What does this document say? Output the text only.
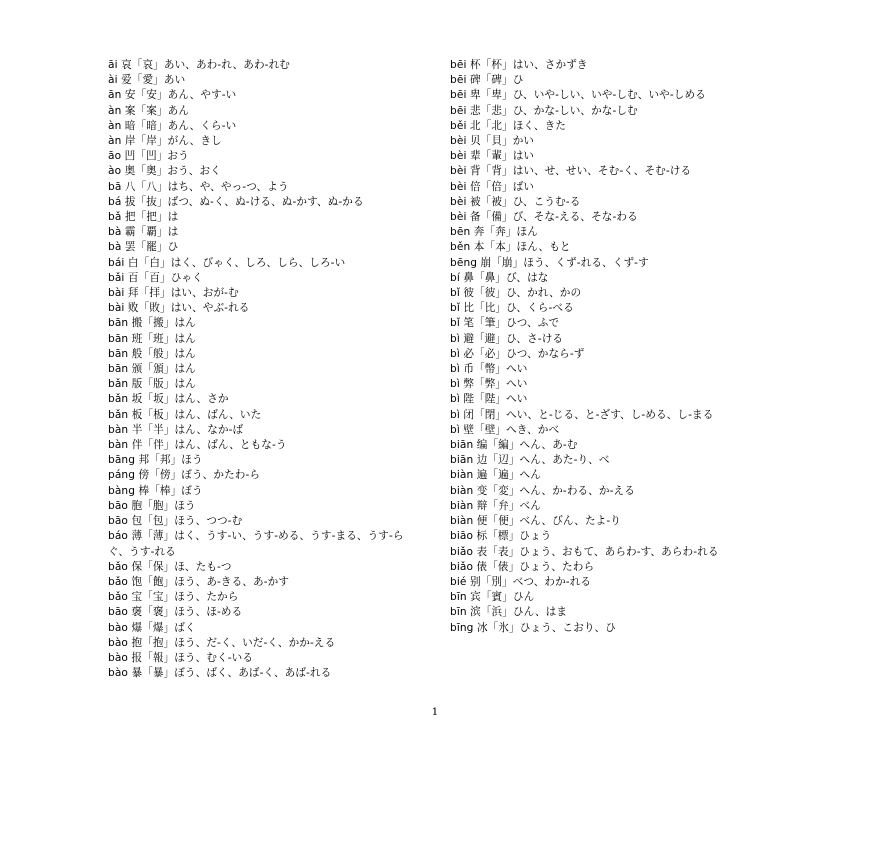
āi 哀「哀」あい、あわ-れ、あわ-れむ
ài 爱「愛」あい
ān 安「安」あん、やす-い
àn 案「案」あん
àn 暗「暗」あん、くら-い
àn 岸「岸」がん、きし
āo 凹「凹」おう
ào 奥「奥」おう、おく
bā 八「八」はち、や、やっ-つ、よう
bá 拔「抜」ばつ、ぬ-く、ぬ-ける、ぬ-かす、ぬ-かる
bǎ 把「把」は
bà 霸「覇」は
bà 罢「罷」ひ
bái 白「白」はく、びゃく、しろ、しら、しろ-い
bǎi 百「百」ひゃく
bài 拜「拝」はい、おが-む
bài 败「敗」はい、やぶ-れる
bān 搬「搬」はん
bān 班「班」はん
bān 般「般」はん
bān 颁「頒」はん
bǎn 版「版」はん
bǎn 坂「坂」はん、さか
bǎn 板「板」はん、ばん、いた
bàn 半「半」はん、なか-ば
bàn 伴「伴」はん、ばん、ともな-う
bāng 邦「邦」ほう
páng 傍「傍」ぼう、かたわ-ら
bàng 棒「棒」ぼう
bāo 胞「胞」ほう
bāo 包「包」ほう、つつ-む
báo 薄「薄」はく、うす-い、うす-める、うす-まる、うす-らぐ、うす-れる
bǎo 保「保」ほ、たも-つ
bǎo 饱「飽」ほう、あ-きる、あ-かす
bǎo 宝「宝」ほう、たから
bāo 褒「褒」ほう、ほ-める
bào 爆「爆」ばく
bào 抱「抱」ほう、だ-く、いだ-く、かか-える
bào 报「報」ほう、むく-いる
bào 暴「暴」ぼう、ばく、あば-く、あば-れる
bēi 杯「杯」はい、さかずき
bēi 碑「碑」ひ
bēi 卑「卑」ひ、いや-しい、いや-しむ、いや-しめる
bēi 悲「悲」ひ、かな-しい、かな-しむ
běi 北「北」ほく、きた
bèi 贝「貝」かい
bèi 辈「輩」はい
bèi 背「背」はい、せ、せい、そむ-く、そむ-ける
bèi 倍「倍」ばい
bèi 被「被」ひ、こうむ-る
bèi 备「備」び、そな-える、そな-わる
bēn 奔「奔」ほん
běn 本「本」ほん、もと
bēng 崩「崩」ほう、くず-れる、くず-す
bí 鼻「鼻」び、はな
bǐ 彼「彼」ひ、かれ、かの
bǐ 比「比」ひ、くら-べる
bǐ 笔「筆」ひつ、ふで
bì 避「避」ひ、さ-ける
bì 必「必」ひつ、かなら-ず
bì 币「幣」へい
bì 弊「弊」へい
bì 陛「陛」へい
bì 闭「閉」へい、と-じる、と-ざす、し-める、し-まる
bì 壁「壁」へき、かべ
biān 编「編」へん、あ-む
biān 边「辺」へん、あた-り、べ
biàn 遍「遍」へん
biàn 变「変」へん、か-わる、か-える
biàn 辩「弁」べん
biàn 便「便」べん、びん、たよ-り
biāo 标「標」ひょう
biǎo 表「表」ひょう、おもて、あらわ-す、あらわ-れる
biǎo 俵「俵」ひょう、たわら
bié 别「別」べつ、わか-れる
bīn 宾「賓」ひん
bīn 滨「浜」ひん、はま
bīng 冰「氷」ひょう、こおり、ひ
1
